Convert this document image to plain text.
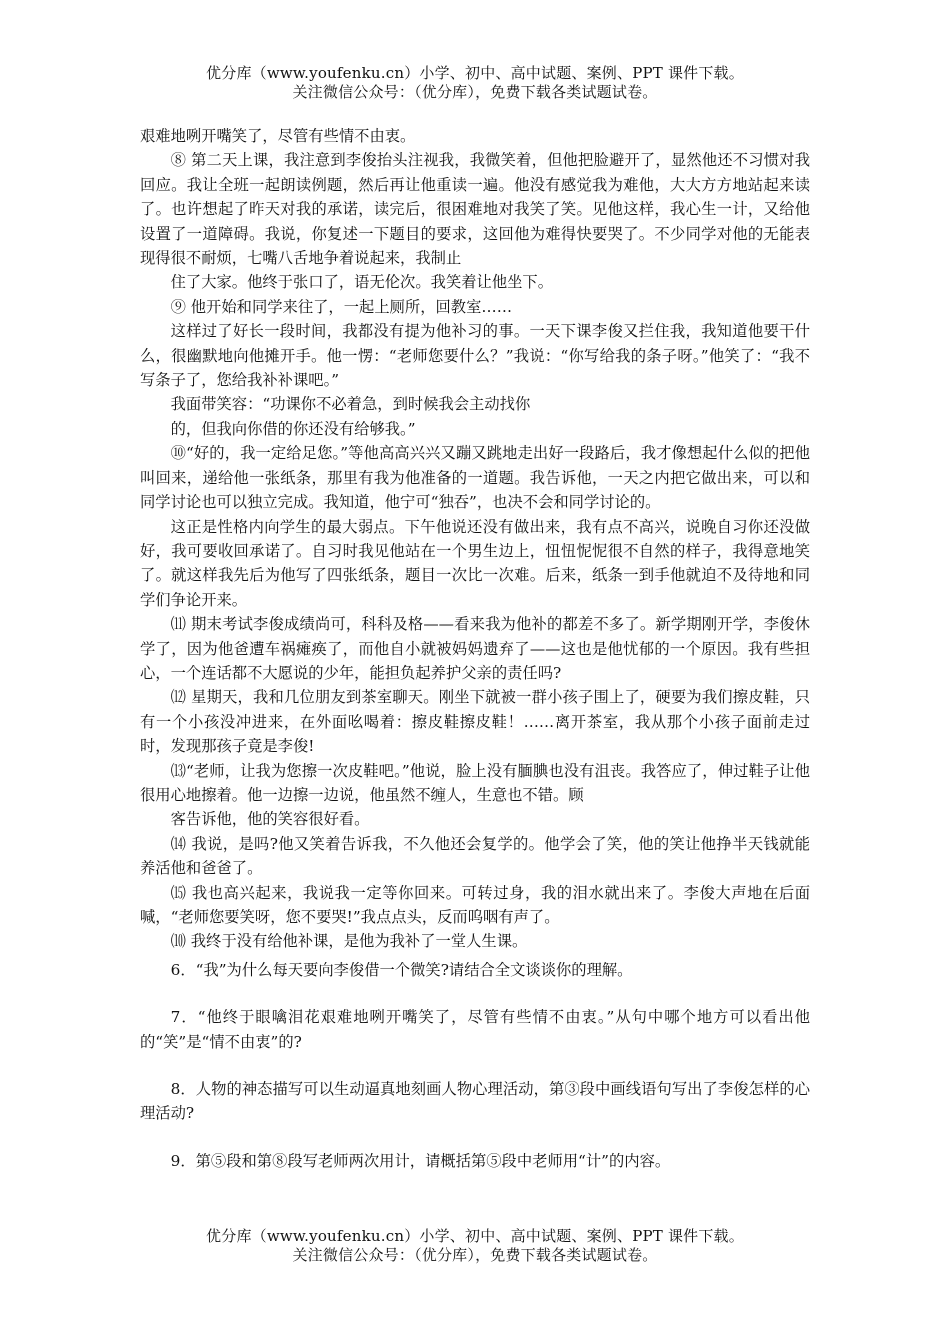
优分库（www.youfenku.cn）小学、初中、高中试题、案例、PPT 课件下载。
关注微信公众号：（优分库），免费下载各类试题试卷。

艰难地咧开嘴笑了，尽管有些情不由衷。

⑧ 第二天上课，我注意到李俊抬头注视我，我微笑着，但他把脸避开了，显然他还不习惯对我回应。我让全班一起朗读例题，然后再让他重读一遍。他没有感觉我为难他，大大方方地站起来读了。也许想起了昨天对我的承诺，读完后，很困难地对我笑了笑。见他这样，我心生一计，又给他设置了一道障碍。我说，你复述一下题目的要求，这回他为难得快要哭了。不少同学对他的无能表现得很不耐烦，七嘴八舌地争着说起来，我制止

住了大家。他终于张口了，语无伦次。我笑着让他坐下。

⑨ 他开始和同学来往了，一起上厕所，回教室……

这样过了好长一段时间，我都没有提为他补习的事。一天下课李俊又拦住我，我知道他要干什么，很幽默地向他摊开手。他一愣：“老师您要什么？”我说：“你写给我的条子呀。”他笑了：“我不写条子了，您给我补补课吧。”

我面带笑容：“功课你不必着急，到时候我会主动找你

的，但我向你借的你还没有给够我。”

⑩“好的，我一定给足您。”等他高高兴兴又蹦又跳地走出好一段路后，我才像想起什么似的把他叫回来，递给他一张纸条，那里有我为他准备的一道题。我告诉他，一天之内把它做出来，可以和同学讨论也可以独立完成。我知道，他宁可“独吞”，也决不会和同学讨论的。

这正是性格内向学生的最大弱点。下午他说还没有做出来，我有点不高兴，说晚自习你还没做好，我可要收回承诺了。自习时我见他站在一个男生边上，忸忸怩怩很不自然的样子，我得意地笑了。就这样我先后为他写了四张纸条，题目一次比一次难。后来，纸条一到手他就迫不及待地和同学们争论开来。

⑾ 期末考试李俊成绩尚可，科科及格——看来我为他补的都差不多了。新学期刚开学，李俊休学了，因为他爸遭车祸瘫痪了，而他自小就被妈妈遗弃了——这也是他忧郁的一个原因。我有些担心，一个连话都不大愿说的少年，能担负起养护父亲的责任吗?

⑿ 星期天，我和几位朋友到茶室聊天。刚坐下就被一群小孩子围上了，硬要为我们擦皮鞋，只有一个小孩没冲进来，在外面吆喝着：擦皮鞋擦皮鞋！……离开茶室，我从那个小孩子面前走过时，发现那孩子竟是李俊!

⒀“老师，让我为您擦一次皮鞋吧。”他说，脸上没有腼腆也没有沮丧。我答应了，伸过鞋子让他很用心地擦着。他一边擦一边说，他虽然不缠人，生意也不错。顾

客告诉他，他的笑容很好看。

⒁ 我说，是吗?他又笑着告诉我，不久他还会复学的。他学会了笑，他的笑让他挣半天钱就能养活他和爸爸了。

⒂ 我也高兴起来，我说我一定等你回来。可转过身，我的泪水就出来了。李俊大声地在后面喊，“老师您要笑呀，您不要哭!”我点点头，反而呜咽有声了。

⑽ 我终于没有给他补课，是他为我补了一堂人生课。

6．“我”为什么每天要向李俊借一个微笑?请结合全文谈谈你的理解。

7．“他终于眼噙泪花艰难地咧开嘴笑了，尽管有些情不由衷。”从句中哪个地方可以看出他的“笑”是“情不由衷”的?

8．人物的神态描写可以生动逼真地刻画人物心理活动，第③段中画线语句写出了李俊怎样的心理活动?

9．第⑤段和第⑧段写老师两次用计，请概括第⑤段中老师用“计”的内容。

优分库（www.youfenku.cn）小学、初中、高中试题、案例、PPT 课件下载。
关注微信公众号：（优分库），免费下载各类试题试卷。
